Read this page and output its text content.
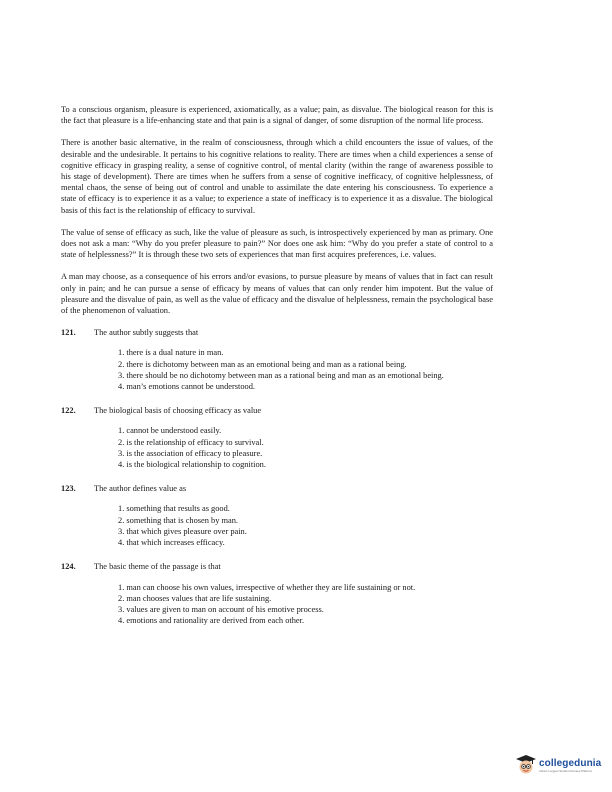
To a conscious organism, pleasure is experienced, axiomatically, as a value; pain, as disvalue. The biological reason for this is the fact that pleasure is a life-enhancing state and that pain is a signal of danger, of some disruption of the normal life process.

There is another basic alternative, in the realm of consciousness, through which a child encounters the issue of values, of the desirable and the undesirable. It pertains to his cognitive relations to reality. There are times when a child experiences a sense of cognitive efficacy in grasping reality, a sense of cognitive control, of mental clarity (within the range of awareness possible to his stage of development). There are times when he suffers from a sense of cognitive inefficacy, of cognitive helplessness, of mental chaos, the sense of being out of control and unable to assimilate the date entering his consciousness. To experience a state of efficacy is to experience it as a value; to experience a state of inefficacy is to experience it as a disvalue. The biological basis of this fact is the relationship of efficacy to survival.

The value of sense of efficacy as such, like the value of pleasure as such, is introspectively experienced by man as primary. One does not ask a man: “Why do you prefer pleasure to pain?” Nor does one ask him: “Why do you prefer a state of control to a state of helplessness?” It is through these two sets of experiences that man first acquires preferences, i.e. values.

A man may choose, as a consequence of his errors and/or evasions, to pursue pleasure by means of values that in fact can result only in pain; and he can pursue a sense of efficacy by means of values that can only render him impotent. But the value of pleasure and the disvalue of pain, as well as the value of efficacy and the disvalue of helplessness, remain the psychological base of the phenomenon of valuation.

121.	The author subtly suggests that
1. there is a dual nature in man.
2. there is dichotomy between man as an emotional being and man as a rational being.
3. there should be no dichotomy between man as a rational being and man as an emotional being.
4. man’s emotions cannot be understood.
122.	The biological basis of choosing efficacy as value
1. cannot be understood easily.
2. is the relationship of efficacy to survival.
3. is the association of efficacy to pleasure.
4. is the biological relationship to cognition.
123.	The author defines value as
1. something that results as good.
2. something that is chosen by man.
3. that which gives pleasure over pain.
4. that which increases efficacy.
124.	The basic theme of the passage is that
1. man can choose his own values, irrespective of whether they are life sustaining or not.
2. man chooses values that are life sustaining.
3. values are given to man on account of his emotive process.
4. emotions and rationality are derived from each other.
collegedunia
India's Largest Student Review Platform
